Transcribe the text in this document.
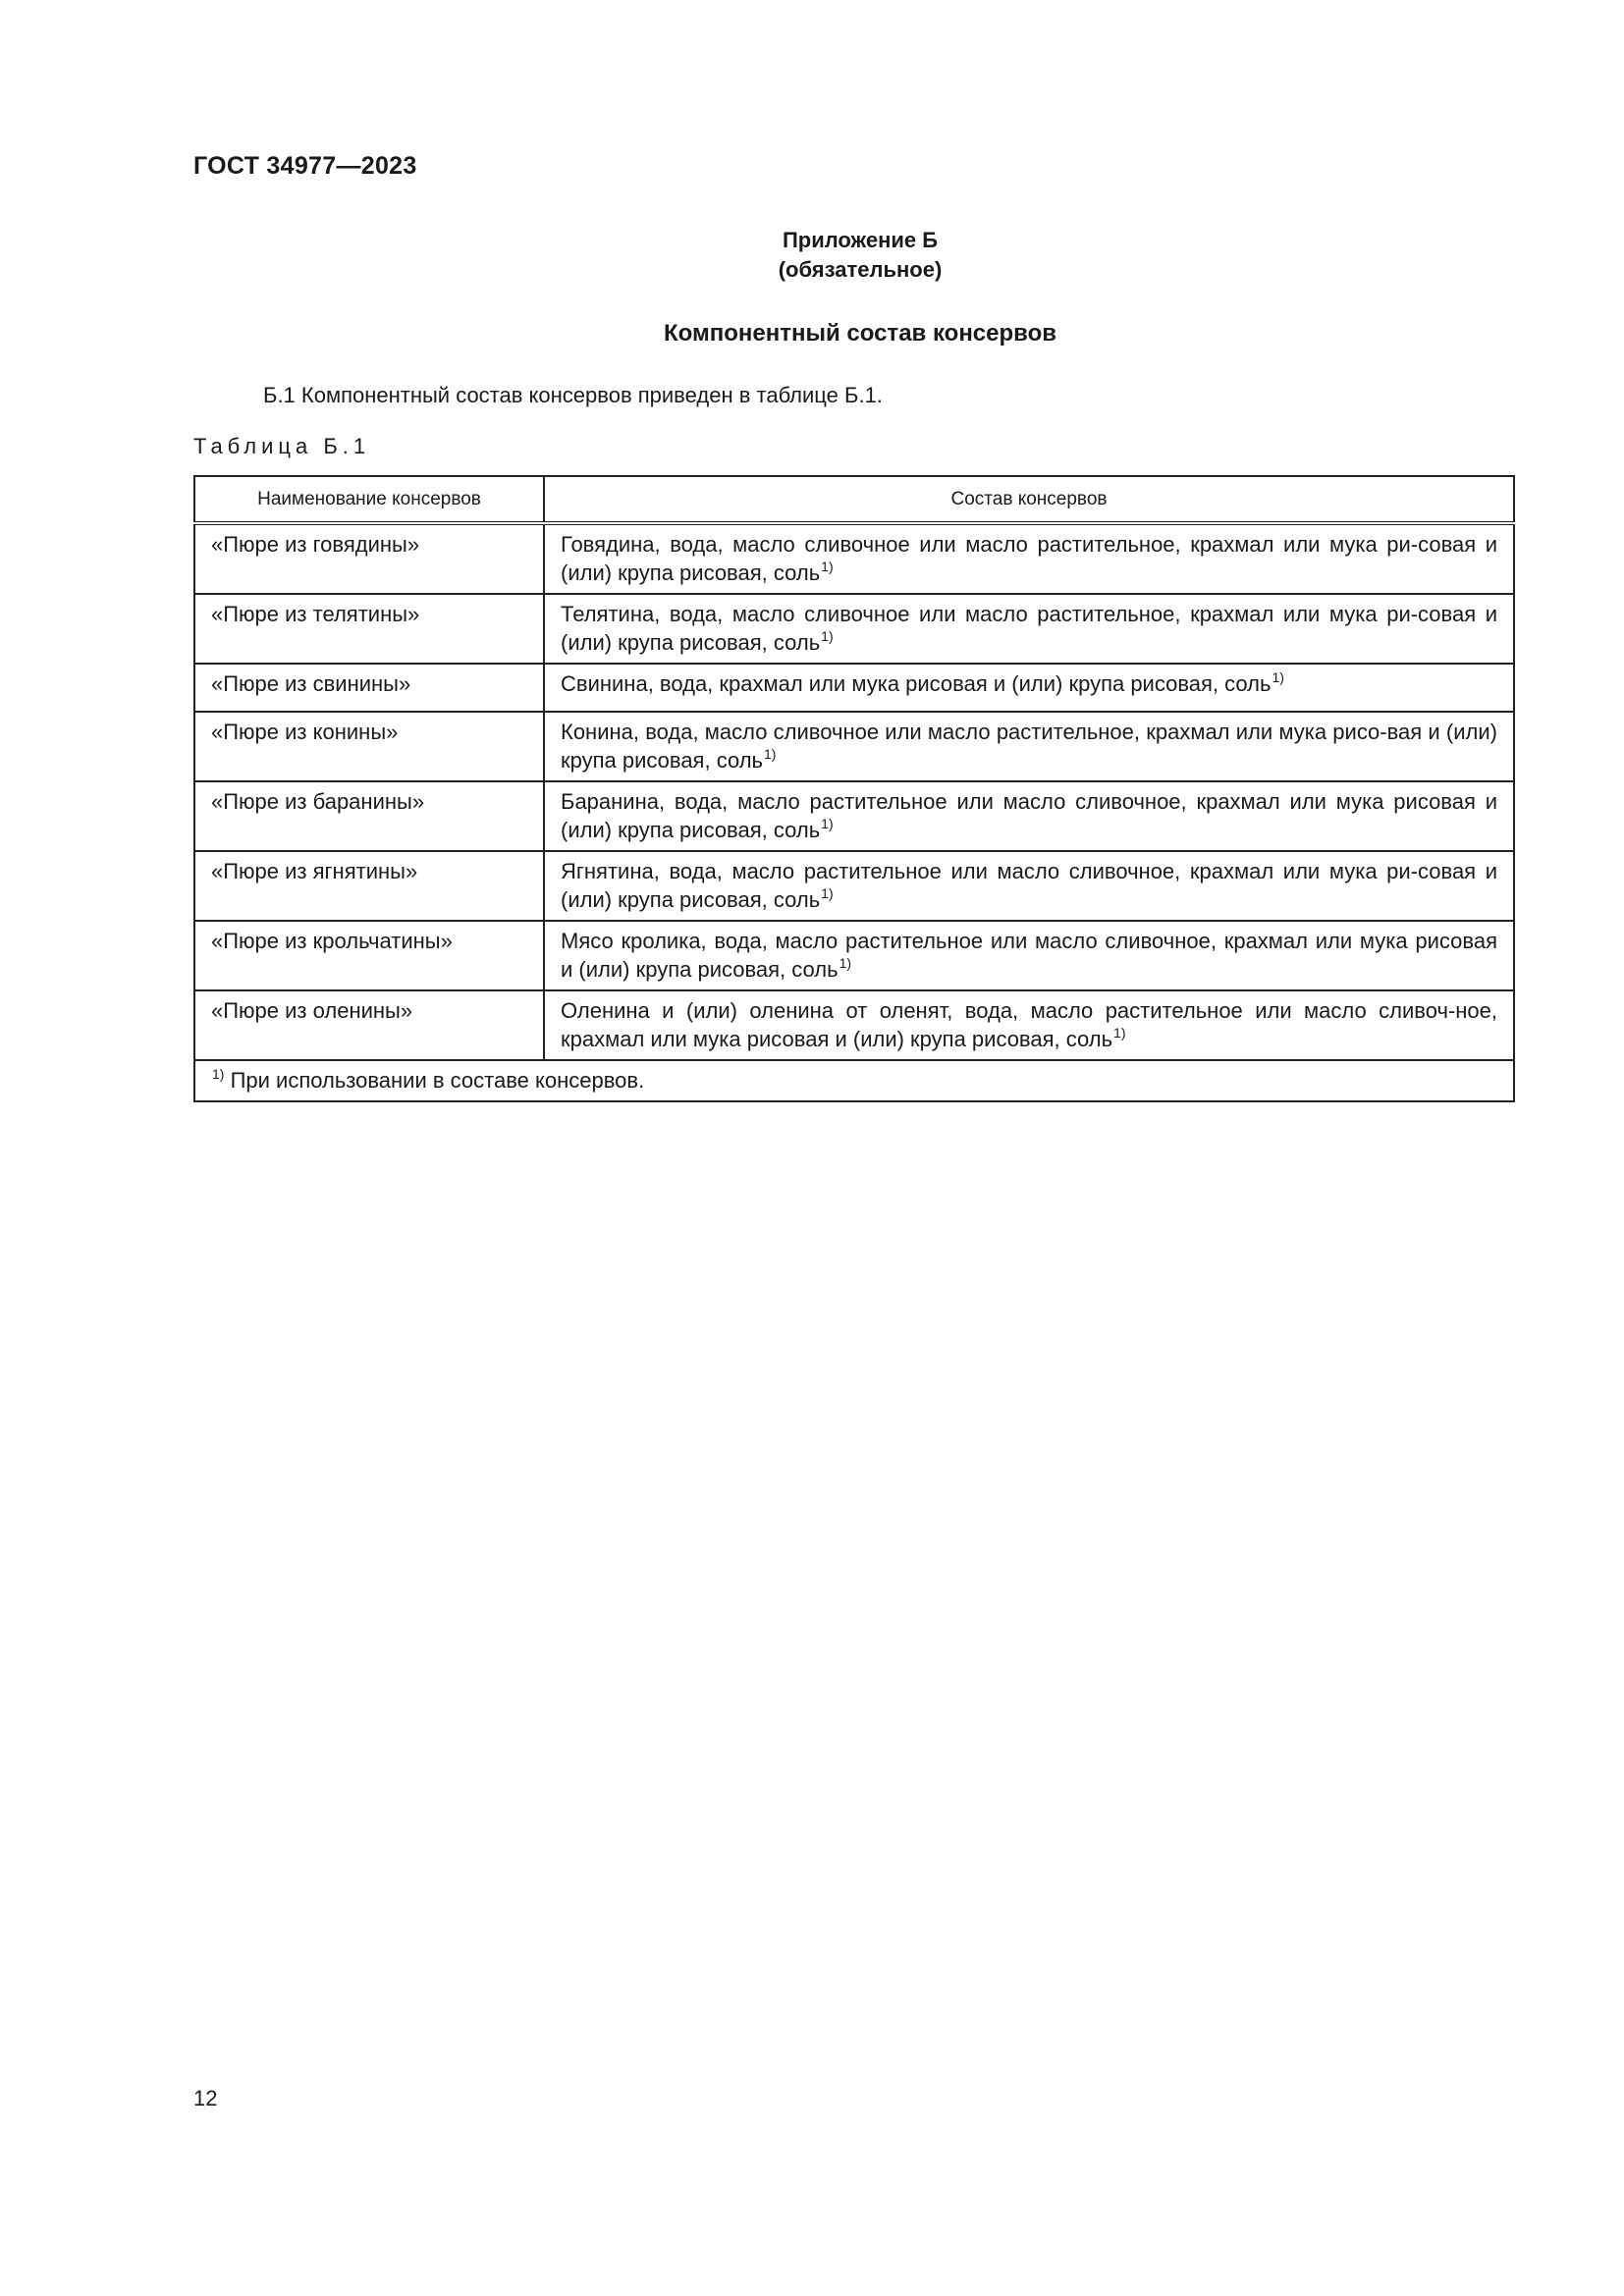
ГОСТ 34977—2023
Приложение Б
(обязательное)
Компонентный состав консервов
Б.1 Компонентный состав консервов приведен в таблице Б.1.
Таблица Б.1
Наименование консервов	Состав консервов
«Пюре из говядины»	Говядина, вода, масло сливочное или масло растительное, крахмал или мука ри-совая и (или) крупа рисовая, соль$^{1)}$
«Пюре из телятины»	Телятина, вода, масло сливочное или масло растительное, крахмал или мука ри-совая и (или) крупа рисовая, соль$^{1)}$
«Пюре из свинины»	Свинина, вода, крахмал или мука рисовая и (или) крупа рисовая, соль$^{1)}$
«Пюре из конины»	Конина, вода, масло сливочное или масло растительное, крахмал или мука рисо-вая и (или) крупа рисовая, соль$^{1)}$
«Пюре из баранины»	Баранина, вода, масло растительное или масло сливочное, крахмал или мука рисовая и (или) крупа рисовая, соль$^{1)}$
«Пюре из ягнятины»	Ягнятина, вода, масло растительное или масло сливочное, крахмал или мука ри-совая и (или) крупа рисовая, соль$^{1)}$
«Пюре из крольчатины»	Мясо кролика, вода, масло растительное или масло сливочное, крахмал или мука рисовая и (или) крупа рисовая, соль$^{1)}$
«Пюре из оленины»	Оленина и (или) оленина от оленят, вода, масло растительное или масло сливоч-ное, крахмал или мука рисовая и (или) крупа рисовая, соль$^{1)}$
$^{1)}$ При использовании в составе консервов.	
12
